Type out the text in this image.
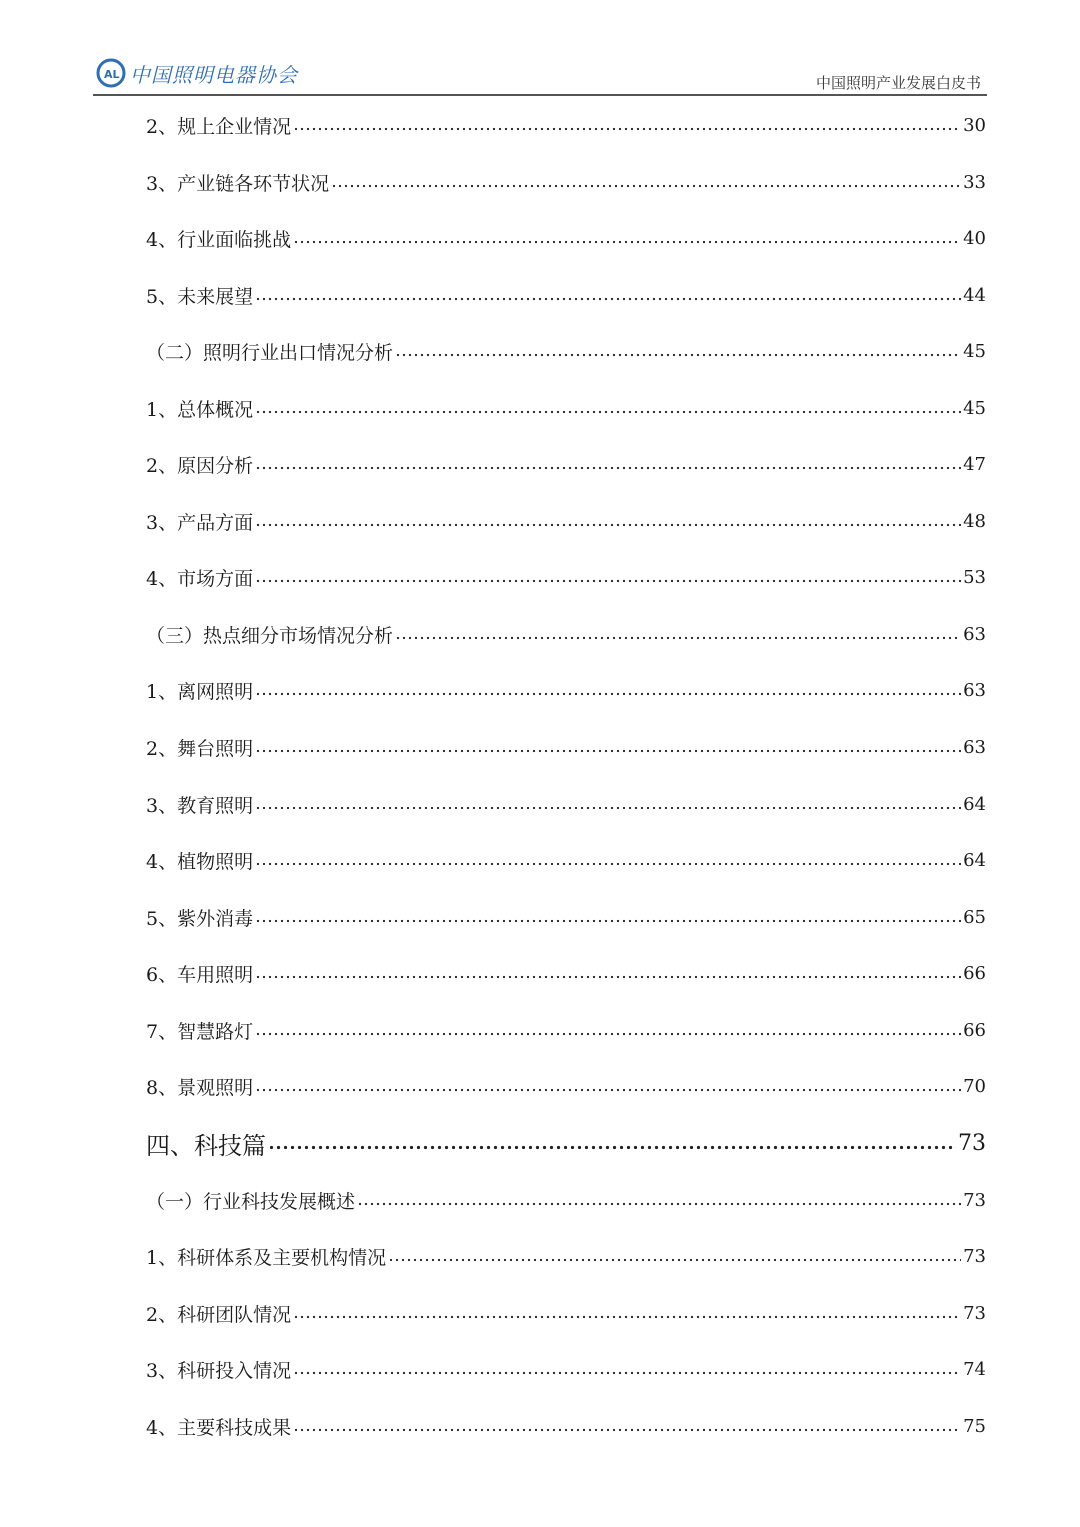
AL 中国照明电器协会	中国照明产业发展白皮书
2、规上企业情况	30
3、产业链各环节状况	33
4、行业面临挑战	40
5、未来展望	44
（二）照明行业出口情况分析	45
1、总体概况	45
2、原因分析	47
3、产品方面	48
4、市场方面	53
（三）热点细分市场情况分析	63
1、离网照明	63
2、舞台照明	63
3、教育照明	64
4、植物照明	64
5、紫外消毒	65
6、车用照明	66
7、智慧路灯	66
8、景观照明	70
四、科技篇	73
（一）行业科技发展概述	73
1、科研体系及主要机构情况	73
2、科研团队情况	73
3、科研投入情况	74
4、主要科技成果	75
